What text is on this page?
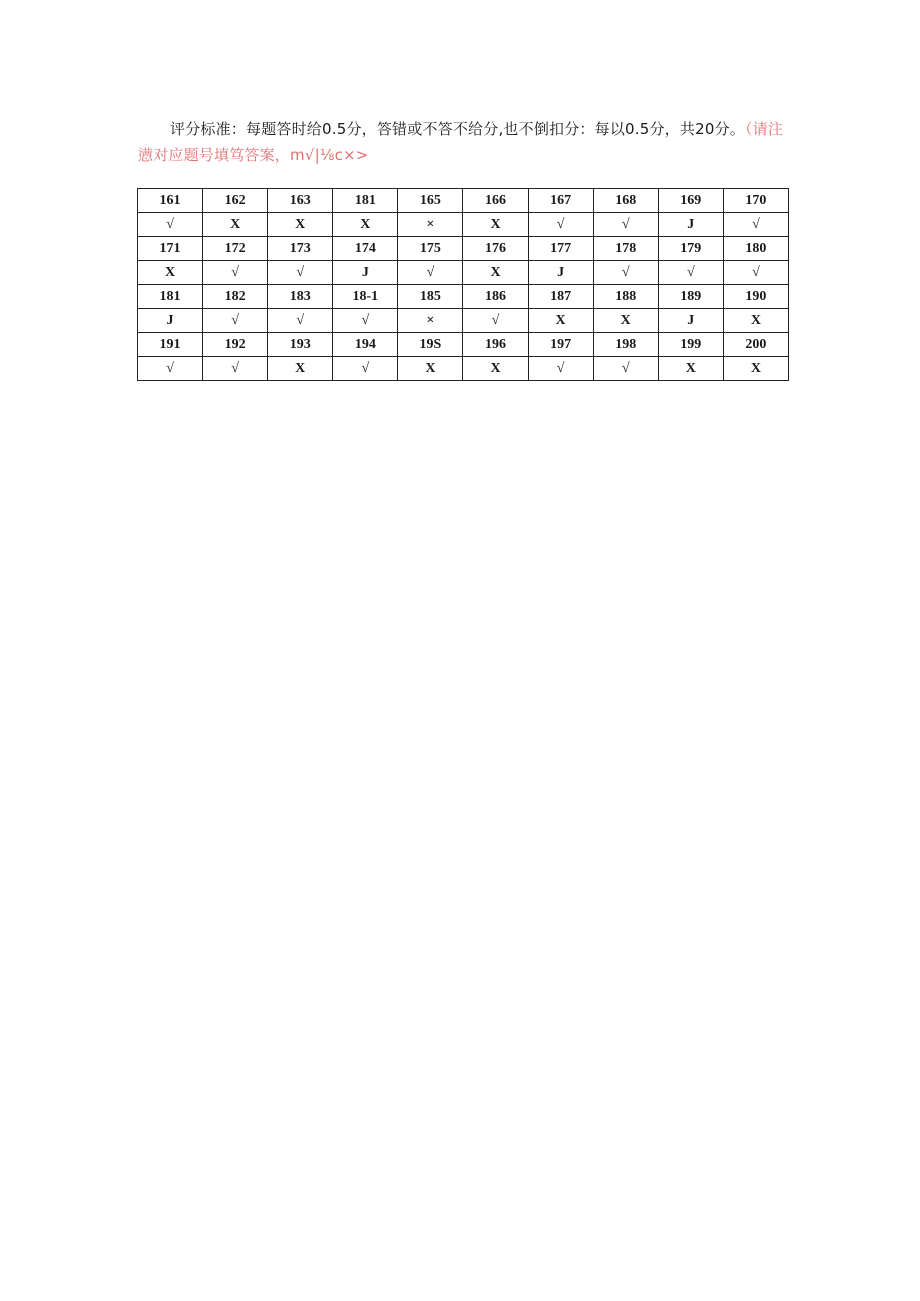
评分标准：每题答时给0.5分，答错或不答不给分,也不倒扣分：每以0.5分，共20分。（请注懑对应题号填笃答案，m√|⅛c×>
161	162	163	181	165	166	167	168	169	170
√	X	X	X	×	X	√	√	J	√
171	172	173	174	175	176	177	178	179	180
X	√	√	J	√	X	J	√	√	√
181	182	183	18-1	185	186	187	188	189	190
J	√	√	√	×	√	X	X	J	X
191	192	193	194	19S	196	197	198	199	200
√	√	X	√	X	X	√	√	X	X
